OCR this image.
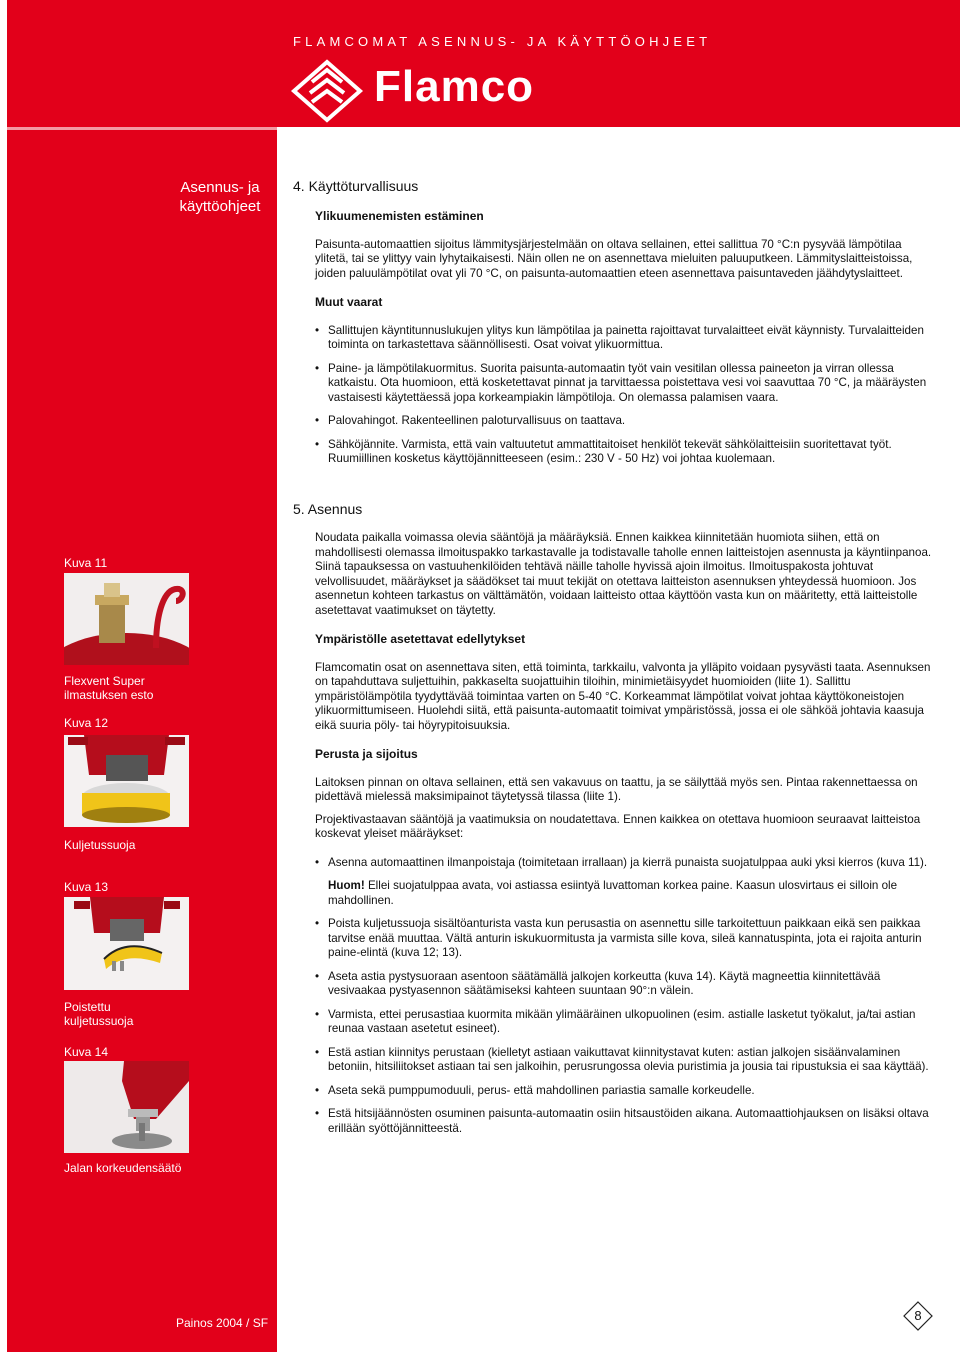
FLAMCOMAT ASENNUS- JA KÄYTTÖOHJEET
Flamco
Asennus- ja
käyttöohjeet
Kuva 11
Flexvent Super
ilmastuksen esto
Kuva 12
Kuljetussuoja
Kuva 13
Poistettu
kuljetussuoja
Kuva 14
Jalan korkeudensäätö
Painos 2004 / SF
4. Käyttöturvallisuus

Ylikuumenemisten estäminen

Paisunta-automaattien sijoitus lämmitysjärjestelmään on oltava sellainen, ettei sallittua 70 °C:n pysyvää lämpötilaa ylitetä, tai se ylittyy vain lyhytaikaisesti. Näin ollen ne on asennettava mieluiten paluuputkeen. Lämmityslaitteistoissa, joiden paluulämpötilat ovat yli 70 °C, on paisunta-automaattien eteen asennettava paisuntaveden jäähdytyslaitteet.

Muut vaarat

• Sallittujen käyntitunnuslukujen ylitys kun lämpötilaa ja painetta rajoittavat turvalaitteet eivät käynnisty. Turvalaitteiden toiminta on tarkastettava säännöllisesti. Osat voivat ylikuormittua.
• Paine- ja lämpötilakuormitus. Suorita paisunta-automaatin työt vain vesitilan ollessa paineeton ja virran ollessa katkaistu. Ota huomioon, että kosketettavat pinnat ja tarvittaessa poistettava vesi voi saavuttaa 70 °C, ja määräysten vastaisesti käytettäessä jopa korkeampiakin lämpötiloja. On olemassa palamisen vaara.
• Palovahingot. Rakenteellinen paloturvallisuus on taattava.
• Sähköjännite. Varmista, että vain valtuutetut ammattitaitoiset henkilöt tekevät sähkölaitteisiin suoritettavat työt. Ruumiillinen kosketus käyttöjännitteeseen (esim.: 230 V - 50 Hz) voi johtaa kuolemaan.
5. Asennus

Noudata paikalla voimassa olevia sääntöjä ja määräyksiä. Ennen kaikkea kiinnitetään huomiota siihen, että on mahdollisesti olemassa ilmoituspakko tarkastavalle ja todistavalle taholle ennen laitteistojen asennusta ja käyntiinpanoa. Siinä tapauksessa on vastuuhenkilöiden tehtävä näille taholle hyvissä ajoin ilmoitus. Ilmoituspakosta johtuvat velvollisuudet, määräykset ja säädökset tai muut tekijät on otettava laitteiston asennuksen yhteydessä huomioon. Jos asennetun kohteen tarkastus on välttämätön, voidaan laitteisto ottaa käyttöön vasta kun on määritetty, että laitteistolle asetettavat vaatimukset on täytetty.

Ympäristölle asetettavat edellytykset

Flamcomatin osat on asennettava siten, että toiminta, tarkkailu, valvonta ja ylläpito voidaan pysyvästi taata. Asennuksen on tapahduttava suljettuihin, pakkaselta suojattuihin tiloihin, minimietäisyydet huomioiden (liite 1). Sallittu ympäristölämpötila tyydyttävää toimintaa varten on 5-40 °C. Korkeammat lämpötilat voivat johtaa käyttökoneistojen ylikuormittumiseen. Huolehdi siitä, että paisunta-automaatit toimivat ympäristössä, jossa ei ole sähköä johtavia kaasuja eikä suuria pöly- tai höyrypitoisuuksia.

Perusta ja sijoitus

Laitoksen pinnan on oltava sellainen, että sen vakavuus on taattu, ja se säilyttää myös sen. Pintaa rakennettaessa on pidettävä mielessä maksimipainot täytetyssä tilassa (liite 1).

Projektivastaavan sääntöjä ja vaatimuksia on noudatettava. Ennen kaikkea on otettava huomioon seuraavat laitteistoa koskevat yleiset määräykset:

• Asenna automaattinen ilmanpoistaja (toimitetaan irrallaan) ja kierrä punaista suojatulppaa auki yksi kierros (kuva 11).

Huom! Ellei suojatulppaa avata, voi astiassa esiintyä luvattoman korkea paine. Kaasun ulosvirtaus ei silloin ole mahdollinen.

• Poista kuljetussuoja sisältöanturista vasta kun perusastia on asennettu sille tarkoitettuun paikkaan eikä sen paikkaa tarvitse enää muuttaa. Vältä anturin iskukuormitusta ja varmista sille kova, sileä kannatuspinta, jota ei rajoita anturin paine-elintä (kuva 12; 13).
• Aseta astia pystysuoraan asentoon säätämällä jalkojen korkeutta (kuva 14). Käytä magneettia kiinnitettävää vesivaakaa pystyasennon säätämiseksi kahteen suuntaan 90°:n välein.
• Varmista, ettei perusastiaa kuormita mikään ylimääräinen ulkopuolinen (esim. astialle lasketut työkalut, ja/tai astian reunaa vastaan asetetut esineet).
• Estä astian kiinnitys perustaan (kielletyt astiaan vaikuttavat kiinnitystavat kuten: astian jalkojen sisäänvalaminen betoniin, hitsiliitokset astiaan tai sen jalkoihin, perusrungossa olevia puristimia ja jousia tai ripustuksia ei saa käyttää).
• Aseta sekä pumppumoduuli, perus- että mahdollinen pariastia samalle korkeudelle.
• Estä hitsijäännösten osuminen paisunta-automaatin osiin hitsaustöiden aikana. Automaattiohjauksen on lisäksi oltava erillään syöttöjännitteestä.
8
